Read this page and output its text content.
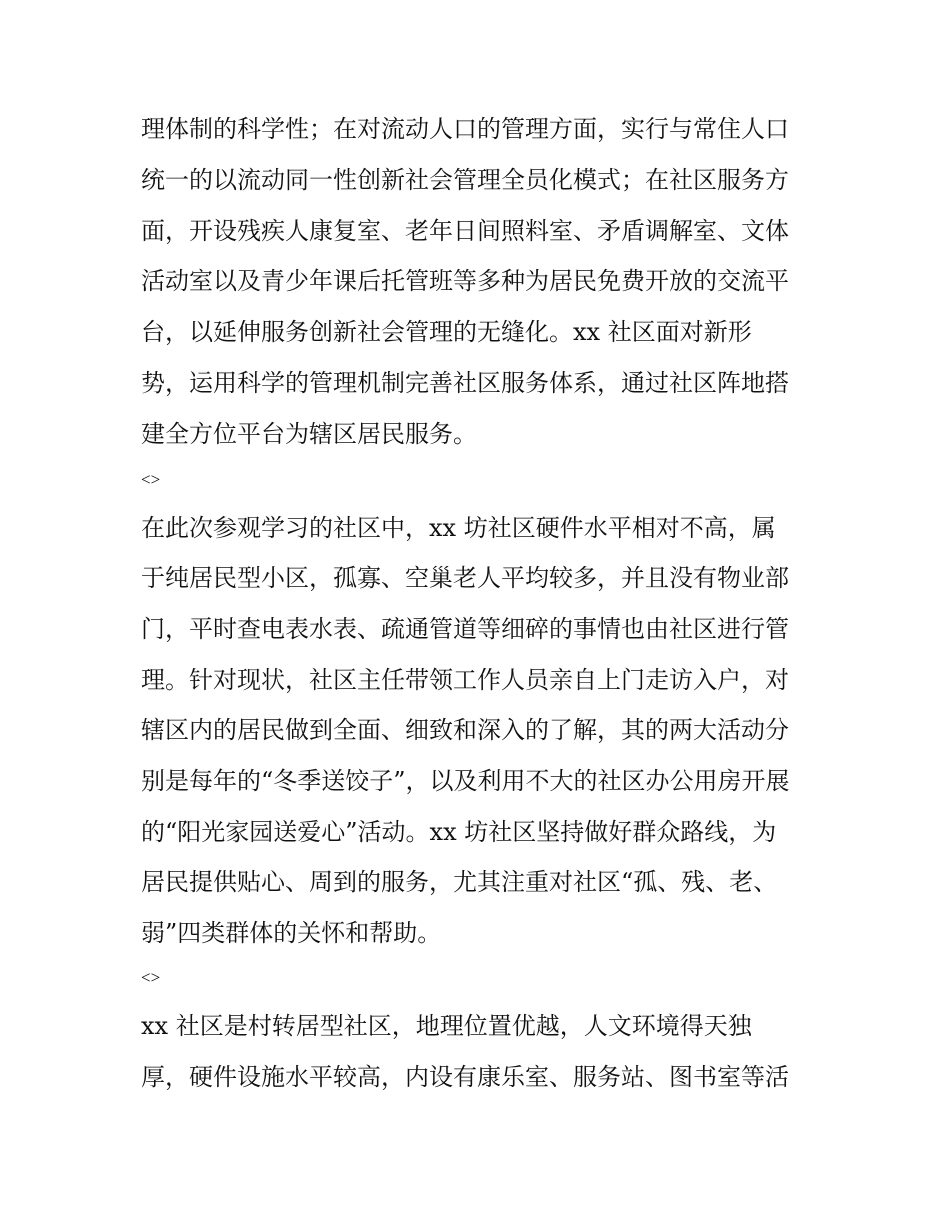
理体制的科学性；在对流动人口的管理方面，实行与常住人口
统一的以流动同一性创新社会管理全员化模式；在社区服务方
面，开设残疾人康复室、老年日间照料室、矛盾调解室、文体
活动室以及青少年课后托管班等多种为居民免费开放的交流平
台，以延伸服务创新社会管理的无缝化。xx 社区面对新形
势，运用科学的管理机制完善社区服务体系，通过社区阵地搭
建全方位平台为辖区居民服务。
<>
在此次参观学习的社区中，xx 坊社区硬件水平相对不高，属
于纯居民型小区，孤寡、空巢老人平均较多，并且没有物业部
门，平时查电表水表、疏通管道等细碎的事情也由社区进行管
理。针对现状，社区主任带领工作人员亲自上门走访入户，对
辖区内的居民做到全面、细致和深入的了解，其的两大活动分
别是每年的“冬季送饺子”，以及利用不大的社区办公用房开展
的“阳光家园送爱心”活动。xx 坊社区坚持做好群众路线，为
居民提供贴心、周到的服务，尤其注重对社区“孤、残、老、
弱”四类群体的关怀和帮助。
<>
xx 社区是村转居型社区，地理位置优越，人文环境得天独
厚，硬件设施水平较高，内设有康乐室、服务站、图书室等活
